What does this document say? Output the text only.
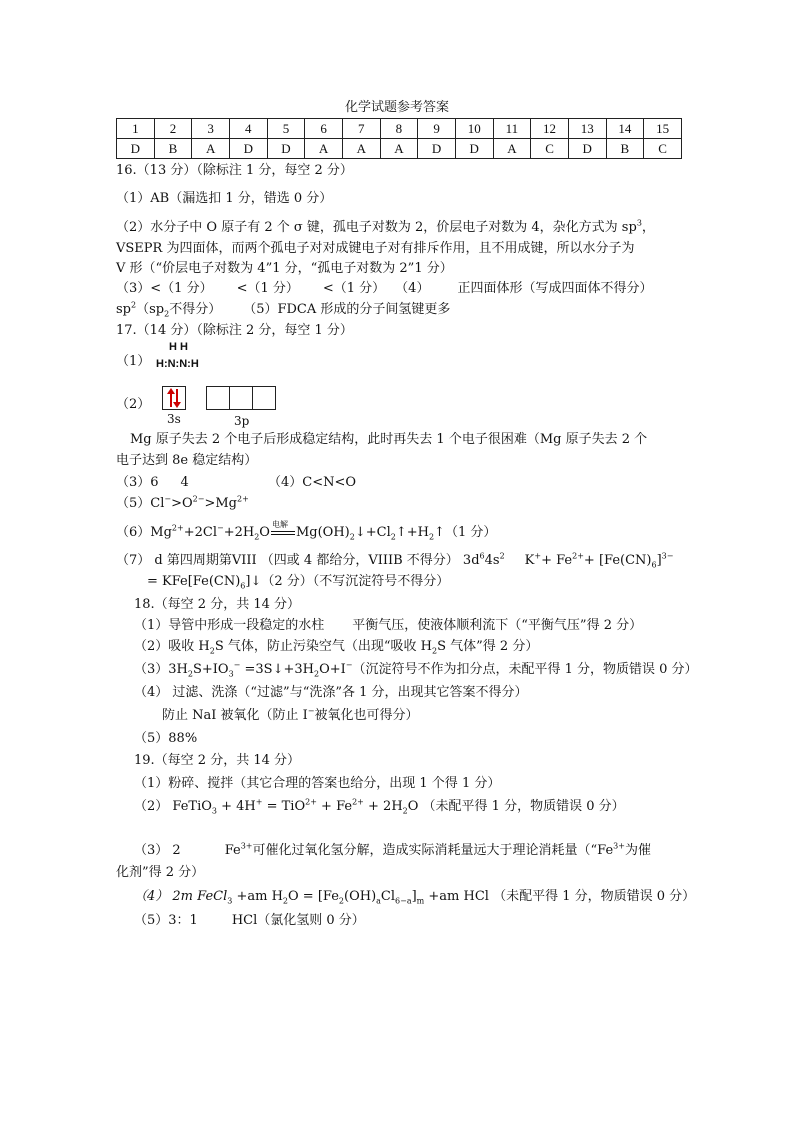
化学试题参考答案
1	2	3	4	5	6	7	8	9	10	11	12	13	14	15
D	B	A	D	D	A	A	A	D	D	A	C	D	B	C
16.（13 分）（除标注 1 分，每空 2 分）
（1）AB（漏选扣 1 分，错选 0 分）
（2）水分子中 O 原子有 2 个 σ 键，孤电子对数为 2，价层电子对数为 4，杂化方式为 $sp^3$，
VSEPR 为四面体，而两个孤电子对对成键电子对有排斥作用，且不用成键，所以水分子为
V 形（“价层电子对数为 4”1 分，“孤电子对数为 2”1 分）
（3）<（1 分） <（1 分） <（1 分） （4） 正四面体形（写成四面体不得分）
$sp^2(sp_2$不得分） （5）FDCA 形成的分子间氢键更多
17.（14 分）（除标注 2 分，每空 1 分）
（1）
H H
H:N:N:H
（2）

3s	3p
Mg 原子失去 2 个电子后形成稳定结构，此时再失去 1 个电子很困难（Mg 原子失去 2 个
电子达到 8e 稳定结构）
（3）6 4	（4）C<N<O
$(5)Cl^->O^{2-}>Mg^{2+}$
$(6)Mg^{2+}+2Cl^-+2H_2O$
电解
$Mg(OH)_2↓+Cl_2↑+H_2↑(1$ 分）
（7） d 第四周期第VIII （四或 4 都给分，VIIIB 不得分） $3d^64s^2$ $K^++ Fe^{2+}+ [Fe(CN)_6]^{3-}$
= $KFe[Fe(CN)_6]↓(2$ 分）（不写沉淀符号不得分）
18.（每空 2 分，共 14 分）
（1）导管中形成一段稳定的水柱 平衡气压，使液体顺利流下（“平衡气压”得 2 分）
（2）吸收 $H_2S$ 气体，防止污染空气（出现“吸收 $H_2S$ 气体”得 2 分）
$(3)3H_2S+IO_3^-$ $=3S↓+3H_2O+I^-$（沉淀符号不作为扣分点，未配平得 1 分，物质错误 0 分）
（4） 过滤、洗涤（“过滤”与“洗涤”各 1 分，出现其它答案不得分）
防止 NaI 被氧化（防止 I−被氧化也可得分）
（5）88%
19.（每空 2 分，共 14 分）
（1）粉碎、搅拌（其它合理的答案也给分，出现 1 个得 1 分）
（2） FeTiO$_3$ + $4H^+ = TiO^{2+} + Fe^{2+} + 2H_2O$ （未配平得 1 分，物质错误 0 分）
（3） 2	$Fe^{3+}$可催化过氧化氢分解，造成实际消耗量远大于理论消耗量（“$Fe^{3+}$为催
化剂”得 2 分）
（4） 2m FeCl$_3$ +am $H_2O = [Fe_2(OH)_aCl_{6-a}]_m +am$ HCl （未配平得 1 分，物质错误 0 分）
（5）3：1	HCl（氯化氢则 0 分）
